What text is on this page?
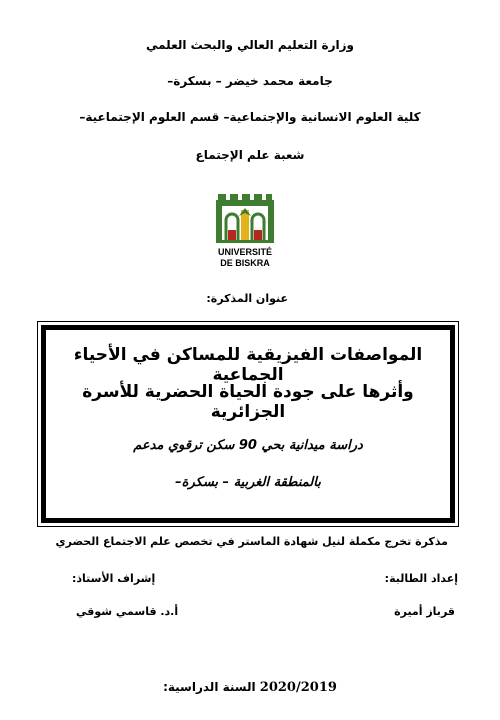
وزارة التعليم العالي والبحث العلمي
جامعة محمد خيضر – بسكرة–
كلية العلوم الانسانية والإجتماعية– قسم العلوم الإجتماعية–
شعبة علم الإجتماع
UNIVERSITÉ
DE BISKRA
عنوان المذكرة:
المواصفات الفيزيقية للمساكن في الأحياء الجماعية
وأثرها على جودة الحياة الحضرية للأسرة الجزائرية
دراسة ميدانية بحي 90 سكن ترقوي مدعم
بالمنطقة الغربية – بسكرة–
مذكرة تخرج مكملة لنيل شهادة الماستر في تخصص علم الاجتماع الحضري
إعداد الطالبة:
إشراف الأستاذ:
قرباز أميرة
أ.د. قاسمي شوقي
السنة الدراسية: 2020/2019
